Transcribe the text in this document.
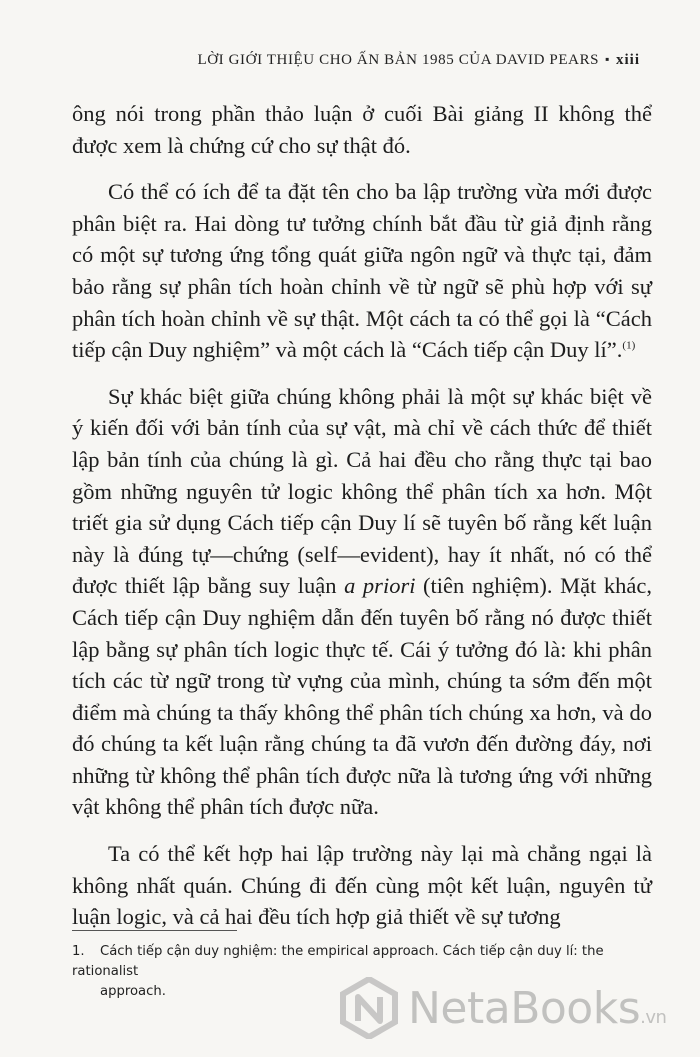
LỜI GIỚI THIỆU CHO ẤN BẢN 1985 CỦA DAVID PEARS ▪ xiii

ông nói trong phần thảo luận ở cuối Bài giảng II không thể được xem là chứng cứ cho sự thật đó.

Có thể có ích để ta đặt tên cho ba lập trường vừa mới được phân biệt ra. Hai dòng tư tưởng chính bắt đầu từ giả định rằng có một sự tương ứng tổng quát giữa ngôn ngữ và thực tại, đảm bảo rằng sự phân tích hoàn chỉnh về từ ngữ sẽ phù hợp với sự phân tích hoàn chỉnh về sự thật. Một cách ta có thể gọi là “Cách tiếp cận Duy nghiệm” và một cách là “Cách tiếp cận Duy lí”.$^{(1)}$

Sự khác biệt giữa chúng không phải là một sự khác biệt về ý kiến đối với bản tính của sự vật, mà chỉ về cách thức để thiết lập bản tính của chúng là gì. Cả hai đều cho rằng thực tại bao gồm những nguyên tử logic không thể phân tích xa hơn. Một triết gia sử dụng Cách tiếp cận Duy lí sẽ tuyên bố rằng kết luận này là đúng tự—chứng (self—evident), hay ít nhất, nó có thể được thiết lập bằng suy luận a priori (tiên nghiệm). Mặt khác, Cách tiếp cận Duy nghiệm dẫn đến tuyên bố rằng nó được thiết lập bằng sự phân tích logic thực tế. Cái ý tưởng đó là: khi phân tích các từ ngữ trong từ vựng của mình, chúng ta sớm đến một điểm mà chúng ta thấy không thể phân tích chúng xa hơn, và do đó chúng ta kết luận rằng chúng ta đã vươn đến đường đáy, nơi những từ không thể phân tích được nữa là tương ứng với những vật không thể phân tích được nữa.

Ta có thể kết hợp hai lập trường này lại mà chẳng ngại là không nhất quán. Chúng đi đến cùng một kết luận, nguyên tử luận logic, và cả hai đều tích hợp giả thiết về sự tương

1. Cách tiếp cận duy nghiệm: the empirical approach. Cách tiếp cận duy lí: the rationalist
approach.	NetaBooks.vn
